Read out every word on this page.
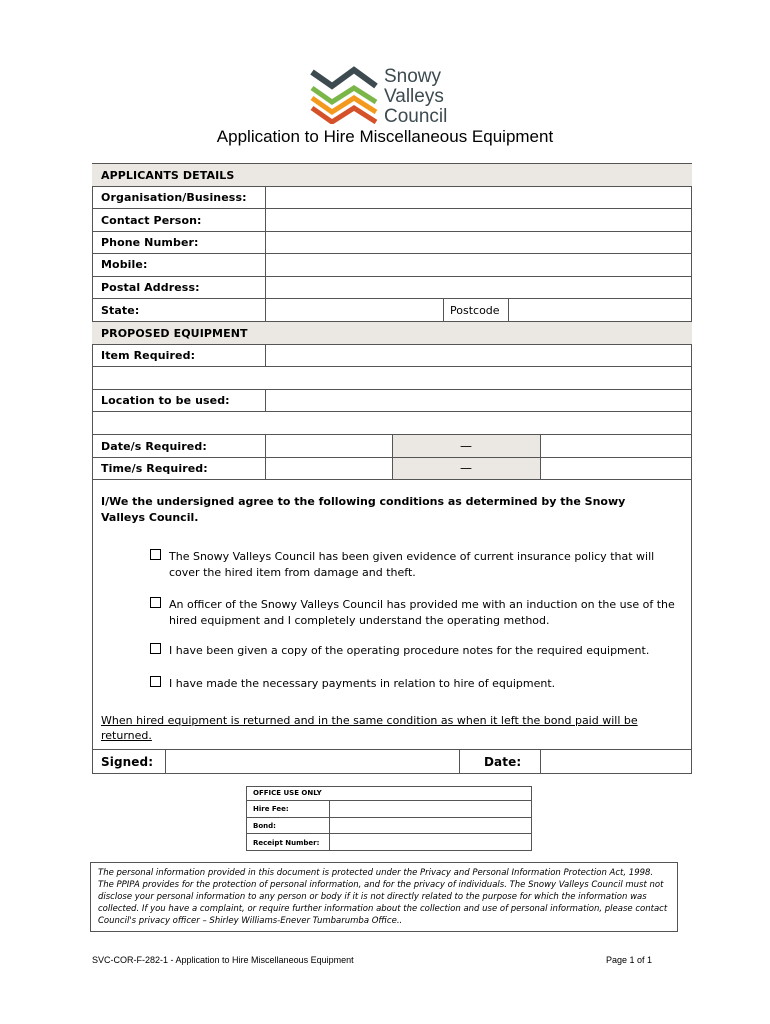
Snowy
Valleys
Council
Application to Hire Miscellaneous Equipment
APPLICANTS DETAILS
Organisation/Business:
Contact Person:
Phone Number:
Mobile:
Postal Address:
State:	Postcode
PROPOSED EQUIPMENT
Item Required:
Location to be used:
Date/s Required:	—
Time/s Required:	—
I/We the undersigned agree to the following conditions as determined by the Snowy Valleys Council.
The Snowy Valleys Council has been given evidence of current insurance policy that will cover the hired item from damage and theft.
An officer of the Snowy Valleys Council has provided me with an induction on the use of the hired equipment and I completely understand the operating method.
I have been given a copy of the operating procedure notes for the required equipment.
I have made the necessary payments in relation to hire of equipment.
When hired equipment is returned and in the same condition as when it left the bond paid will be returned.
Signed:	Date:
OFFICE USE ONLY
Hire Fee:
Bond:
Receipt Number:
The personal information provided in this document is protected under the Privacy and Personal Information Protection Act, 1998. The PPIPA provides for the protection of personal information, and for the privacy of individuals. The Snowy Valleys Council must not disclose your personal information to any person or body if it is not directly related to the purpose for which the information was collected. If you have a complaint, or require further information about the collection and use of personal information, please contact Council's privacy officer – Shirley Williams-Enever Tumbarumba Office..
SVC-COR-F-282-1 - Application to Hire Miscellaneous Equipment	Page 1 of 1
